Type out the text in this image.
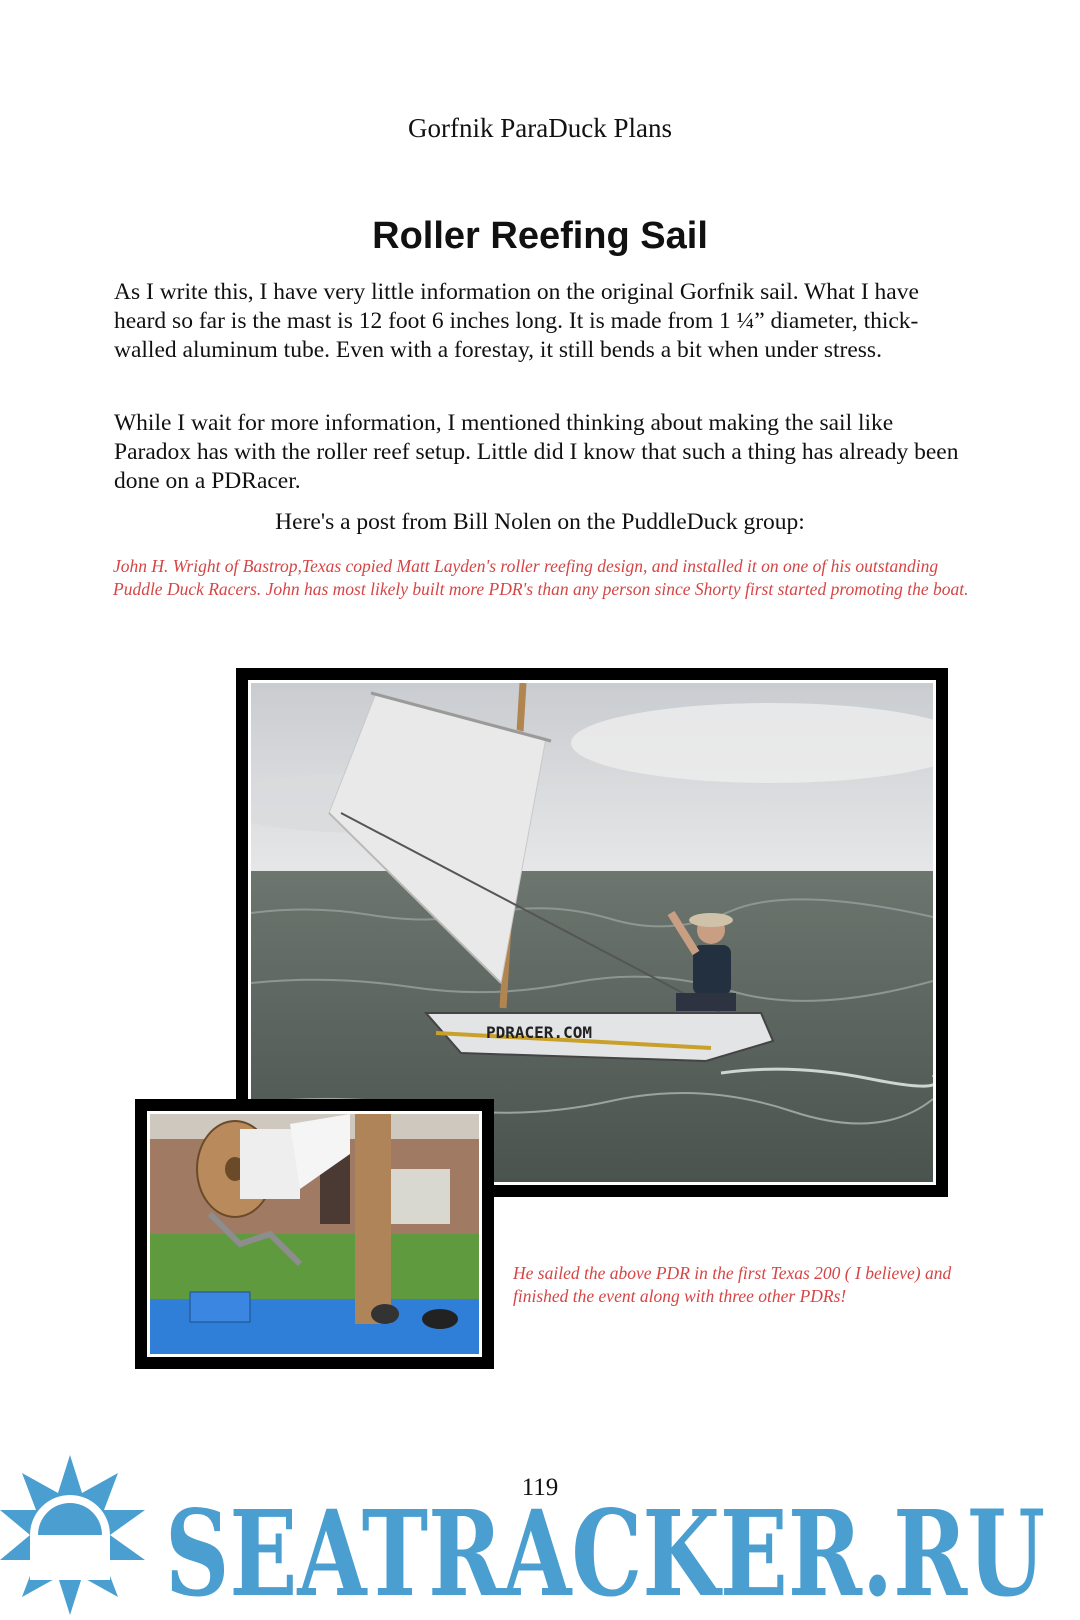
Gorfnik ParaDuck Plans
Roller Reefing Sail

As I write this, I have very little information on the original Gorfnik sail. What I have heard so far is the mast is 12 foot 6 inches long. It is made from 1 ¼” diameter, thick-walled aluminum tube. Even with a forestay, it still bends a bit when under stress.

While I wait for more information, I mentioned thinking about making the sail like Paradox has with the roller reef setup. Little did I know that such a thing has already been done on a PDRacer.

Here's a post from Bill Nolen on the PuddleDuck group:

John H. Wright of Bastrop,Texas copied Matt Layden's roller reefing design, and installed it on one of his outstanding Puddle Duck Racers. John has most likely built more PDR's than any person since Shorty first started promoting the boat.

PDRACER.COM

He sailed the above PDR in the first Texas 200 ( I believe) and finished the event along with three other PDRs!

119
SEATRACKER.RU
